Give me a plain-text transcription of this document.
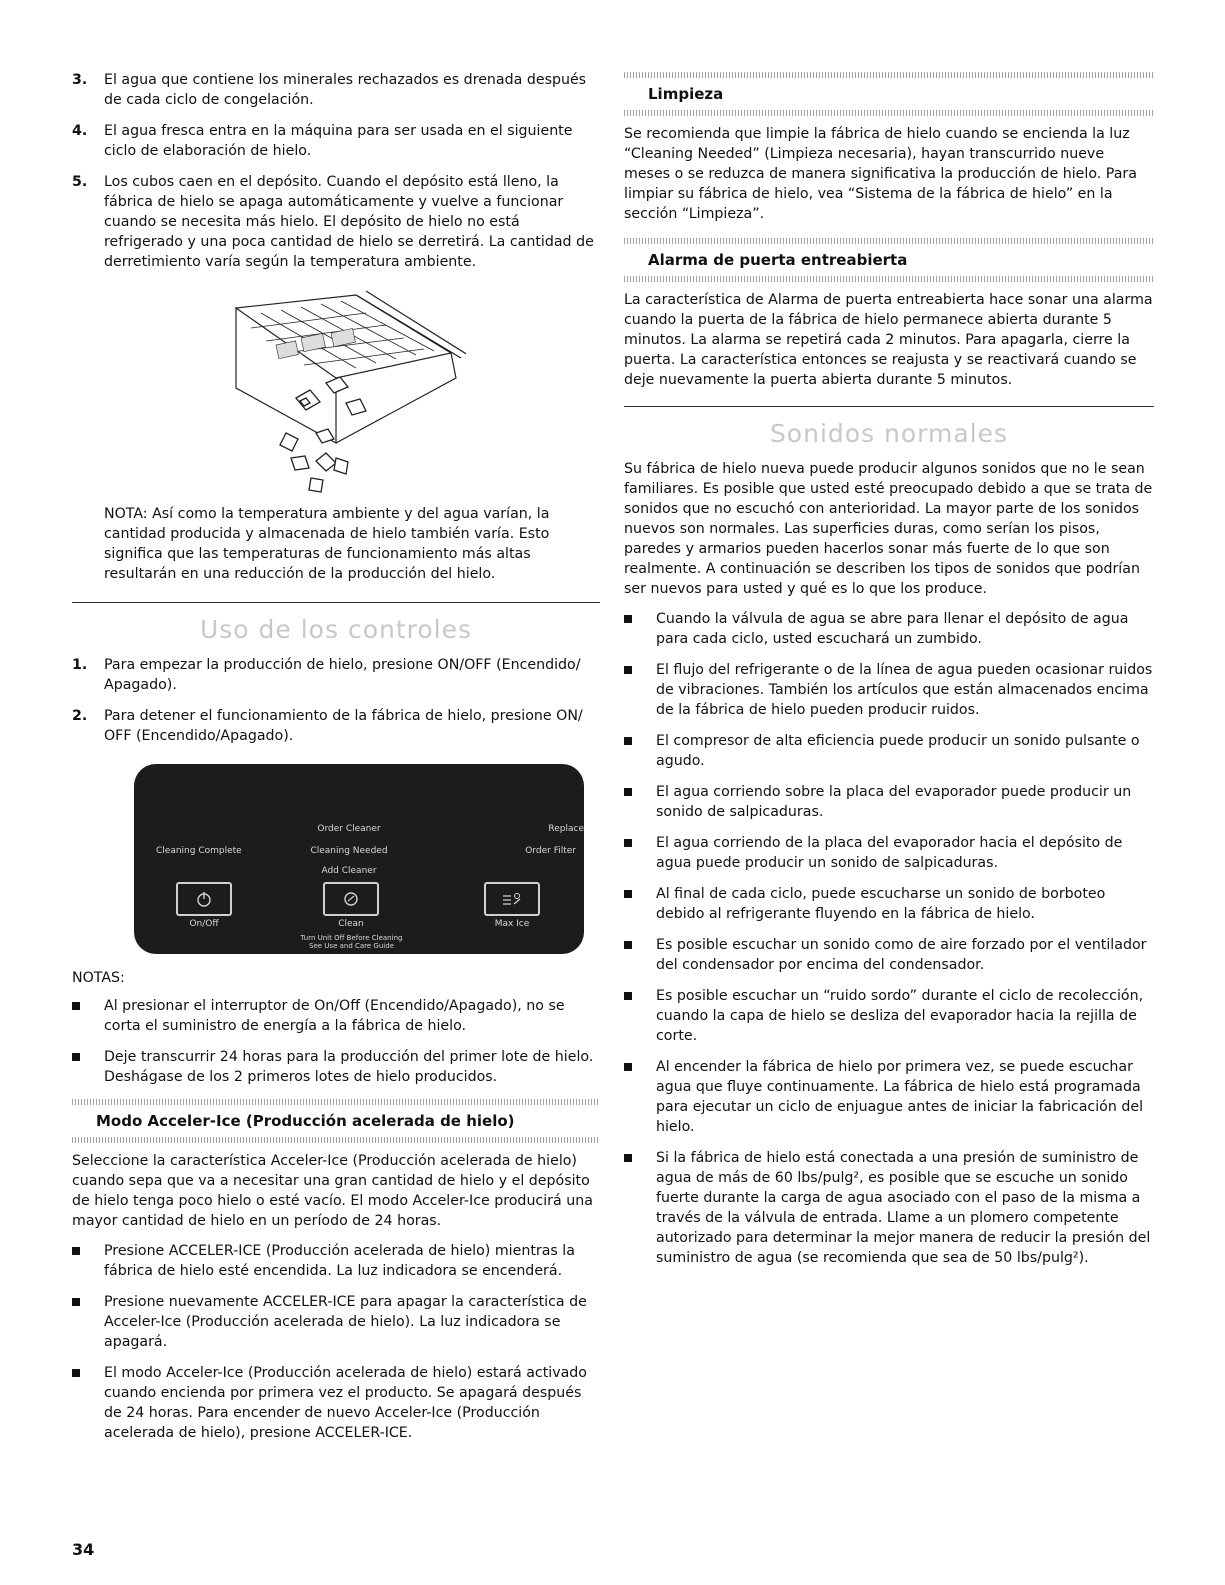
3. El agua que contiene los minerales rechazados es drenada después de cada ciclo de congelación.
4. El agua fresca entra en la máquina para ser usada en el siguiente ciclo de elaboración de hielo.
5. Los cubos caen en el depósito. Cuando el depósito está lleno, la fábrica de hielo se apaga automáticamente y vuelve a funcionar cuando se necesita más hielo. El depósito de hielo no está refrigerado y una poca cantidad de hielo se derretirá. La cantidad de derretimiento varía según la temperatura ambiente.

NOTA: Así como la temperatura ambiente y del agua varían, la cantidad producida y almacenada de hielo también varía. Esto significa que las temperaturas de funcionamiento más altas resultarán en una reducción de la producción del hielo.

Uso de los controles
1. Para empezar la producción de hielo, presione ON/OFF (Encendido/ Apagado).
2. Para detener el funcionamiento de la fábrica de hielo, presione ON/ OFF (Encendido/Apagado).
Cleaning Complete
Order Cleaner
Cleaning Needed
Add Cleaner
Replace
Order Filter
On/Off	Clean	Max Ice
Turn Unit Off Before Cleaning
See Use and Care Guide

NOTAS:

Al presionar el interruptor de On/Off (Encendido/Apagado), no se corta el suministro de energía a la fábrica de hielo.
Deje transcurrir 24 horas para la producción del primer lote de hielo. Deshágase de los 2 primeros lotes de hielo producidos.
Modo Acceler-Ice (Producción acelerada de hielo)

Seleccione la característica Acceler-Ice (Producción acelerada de hielo) cuando sepa que va a necesitar una gran cantidad de hielo y el depósito de hielo tenga poco hielo o esté vacío. El modo Acceler-Ice producirá una mayor cantidad de hielo en un período de 24 horas.

Presione ACCELER-ICE (Producción acelerada de hielo) mientras la fábrica de hielo esté encendida. La luz indicadora se encenderá.
Presione nuevamente ACCELER-ICE para apagar la característica de Acceler-Ice (Producción acelerada de hielo). La luz indicadora se apagará.
El modo Acceler-Ice (Producción acelerada de hielo) estará activado cuando encienda por primera vez el producto. Se apagará después de 24 horas. Para encender de nuevo Acceler-Ice (Producción acelerada de hielo), presione ACCELER-ICE.
Limpieza

Se recomienda que limpie la fábrica de hielo cuando se encienda la luz “Cleaning Needed” (Limpieza necesaria), hayan transcurrido nueve meses o se reduzca de manera significativa la producción de hielo. Para limpiar su fábrica de hielo, vea “Sistema de la fábrica de hielo” en la sección “Limpieza”.

Alarma de puerta entreabierta

La característica de Alarma de puerta entreabierta hace sonar una alarma cuando la puerta de la fábrica de hielo permanece abierta durante 5 minutos. La alarma se repetirá cada 2 minutos. Para apagarla, cierre la puerta. La característica entonces se reajusta y se reactivará cuando se deje nuevamente la puerta abierta durante 5 minutos.

Sonidos normales

Su fábrica de hielo nueva puede producir algunos sonidos que no le sean familiares. Es posible que usted esté preocupado debido a que se trata de sonidos que no escuchó con anterioridad. La mayor parte de los sonidos nuevos son normales. Las superficies duras, como serían los pisos, paredes y armarios pueden hacerlos sonar más fuerte de lo que son realmente. A continuación se describen los tipos de sonidos que podrían ser nuevos para usted y qué es lo que los produce.

Cuando la válvula de agua se abre para llenar el depósito de agua para cada ciclo, usted escuchará un zumbido.
El flujo del refrigerante o de la línea de agua pueden ocasionar ruidos de vibraciones. También los artículos que están almacenados encima de la fábrica de hielo pueden producir ruidos.
El compresor de alta eficiencia puede producir un sonido pulsante o agudo.
El agua corriendo sobre la placa del evaporador puede producir un sonido de salpicaduras.
El agua corriendo de la placa del evaporador hacia el depósito de agua puede producir un sonido de salpicaduras.
Al final de cada ciclo, puede escucharse un sonido de borboteo debido al refrigerante fluyendo en la fábrica de hielo.
Es posible escuchar un sonido como de aire forzado por el ventilador del condensador por encima del condensador.
Es posible escuchar un “ruido sordo” durante el ciclo de recolección, cuando la capa de hielo se desliza del evaporador hacia la rejilla de corte.
Al encender la fábrica de hielo por primera vez, se puede escuchar agua que fluye continuamente. La fábrica de hielo está programada para ejecutar un ciclo de enjuague antes de iniciar la fabricación del hielo.
Si la fábrica de hielo está conectada a una presión de suministro de agua de más de 60 lbs/pulg², es posible que se escuche un sonido fuerte durante la carga de agua asociado con el paso de la misma a través de la válvula de entrada. Llame a un plomero competente autorizado para determinar la mejor manera de reducir la presión del suministro de agua (se recomienda que sea de 50 lbs/pulg²).
34
